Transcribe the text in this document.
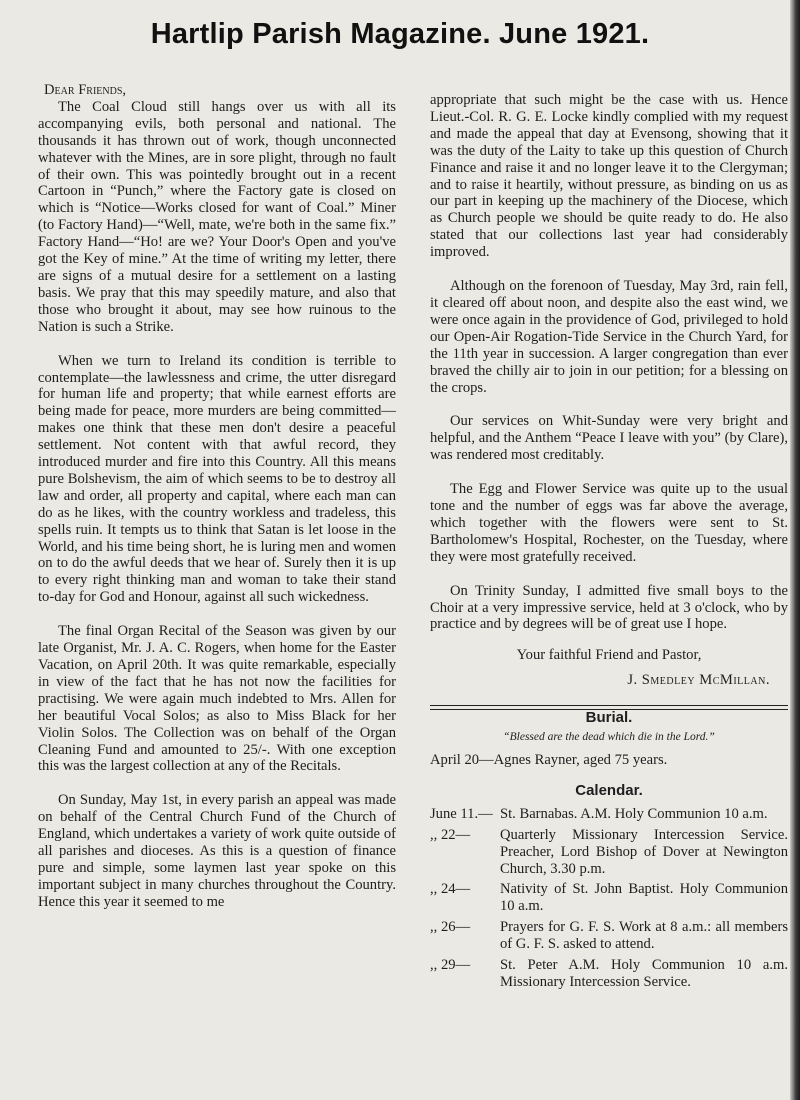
Hartlip Parish Magazine. June 1921.

Dear Friends,

The Coal Cloud still hangs over us with all its accompanying evils, both personal and national. The thousands it has thrown out of work, though unconnected whatever with the Mines, are in sore plight, through no fault of their own. This was pointedly brought out in a recent Cartoon in “Punch,” where the Factory gate is closed on which is “Notice—Works closed for want of Coal.” Miner (to Factory Hand)—“Well, mate, we're both in the same fix.” Factory Hand—“Ho! are we? Your Door's Open and you've got the Key of mine.” At the time of writing my letter, there are signs of a mutual desire for a settlement on a lasting basis. We pray that this may speedily mature, and also that those who brought it about, may see how ruinous to the Nation is such a Strike.

When we turn to Ireland its condition is terrible to contemplate—the lawlessness and crime, the utter disregard for human life and property; that while earnest efforts are being made for peace, more murders are being committed—makes one think that these men don't desire a peaceful settlement. Not content with that awful record, they introduced murder and fire into this Country. All this means pure Bolshevism, the aim of which seems to be to destroy all law and order, all property and capital, where each man can do as he likes, with the country workless and tradeless, this spells ruin. It tempts us to think that Satan is let loose in the World, and his time being short, he is luring men and women on to do the awful deeds that we hear of. Surely then it is up to every right thinking man and woman to take their stand to-day for God and Honour, against all such wickedness.

The final Organ Recital of the Season was given by our late Organist, Mr. J. A. C. Rogers, when home for the Easter Vacation, on April 20th. It was quite remarkable, especially in view of the fact that he has not now the facilities for practising. We were again much indebted to Mrs. Allen for her beautiful Vocal Solos; as also to Miss Black for her Violin Solos. The Collection was on behalf of the Organ Cleaning Fund and amounted to 25/-. With one exception this was the largest collection at any of the Recitals.

On Sunday, May 1st, in every parish an appeal was made on behalf of the Central Church Fund of the Church of England, which undertakes a variety of work quite outside of all parishes and dioceses. As this is a question of finance pure and simple, some laymen last year spoke on this important subject in many churches throughout the Country. Hence this year it seemed to me

appropriate that such might be the case with us. Hence Lieut.-Col. R. G. E. Locke kindly complied with my request and made the appeal that day at Evensong, showing that it was the duty of the Laity to take up this question of Church Finance and raise it and no longer leave it to the Clergyman; and to raise it heartily, without pressure, as binding on us as our part in keeping up the machinery of the Diocese, which as Church people we should be quite ready to do. He also stated that our collections last year had considerably improved.

Although on the forenoon of Tuesday, May 3rd, rain fell, it cleared off about noon, and despite also the east wind, we were once again in the providence of God, privileged to hold our Open-Air Rogation-Tide Service in the Church Yard, for the 11th year in succession. A larger congregation than ever braved the chilly air to join in our petition; for a blessing on the crops.

Our services on Whit-Sunday were very bright and helpful, and the Anthem “Peace I leave with you” (by Clare), was rendered most creditably.

The Egg and Flower Service was quite up to the usual tone and the number of eggs was far above the average, which together with the flowers were sent to St. Bartholomew's Hospital, Rochester, on the Tuesday, where they were most gratefully received.

On Trinity Sunday, I admitted five small boys to the Choir at a very impressive service, held at 3 o'clock, who by practice and by degrees will be of great use I hope.

Your faithful Friend and Pastor,

J. Smedley McMillan.

Burial.

“Blessed are the dead which die in the Lord.”

April 20—Agnes Rayner, aged 75 years.

Calendar.

June 11.— St. Barnabas. A.M. Holy Communion 10 a.m.
,, 22—	Quarterly Missionary Intercession Service. Preacher, Lord Bishop of Dover at Newington Church, 3.30 p.m.
,, 24—	Nativity of St. John Baptist. Holy Communion 10 a.m.
,, 26—	Prayers for G. F. S. Work at 8 a.m.: all members of G. F. S. asked to attend.
,, 29—	St. Peter A.M. Holy Communion 10 a.m. Missionary Intercession Service.
